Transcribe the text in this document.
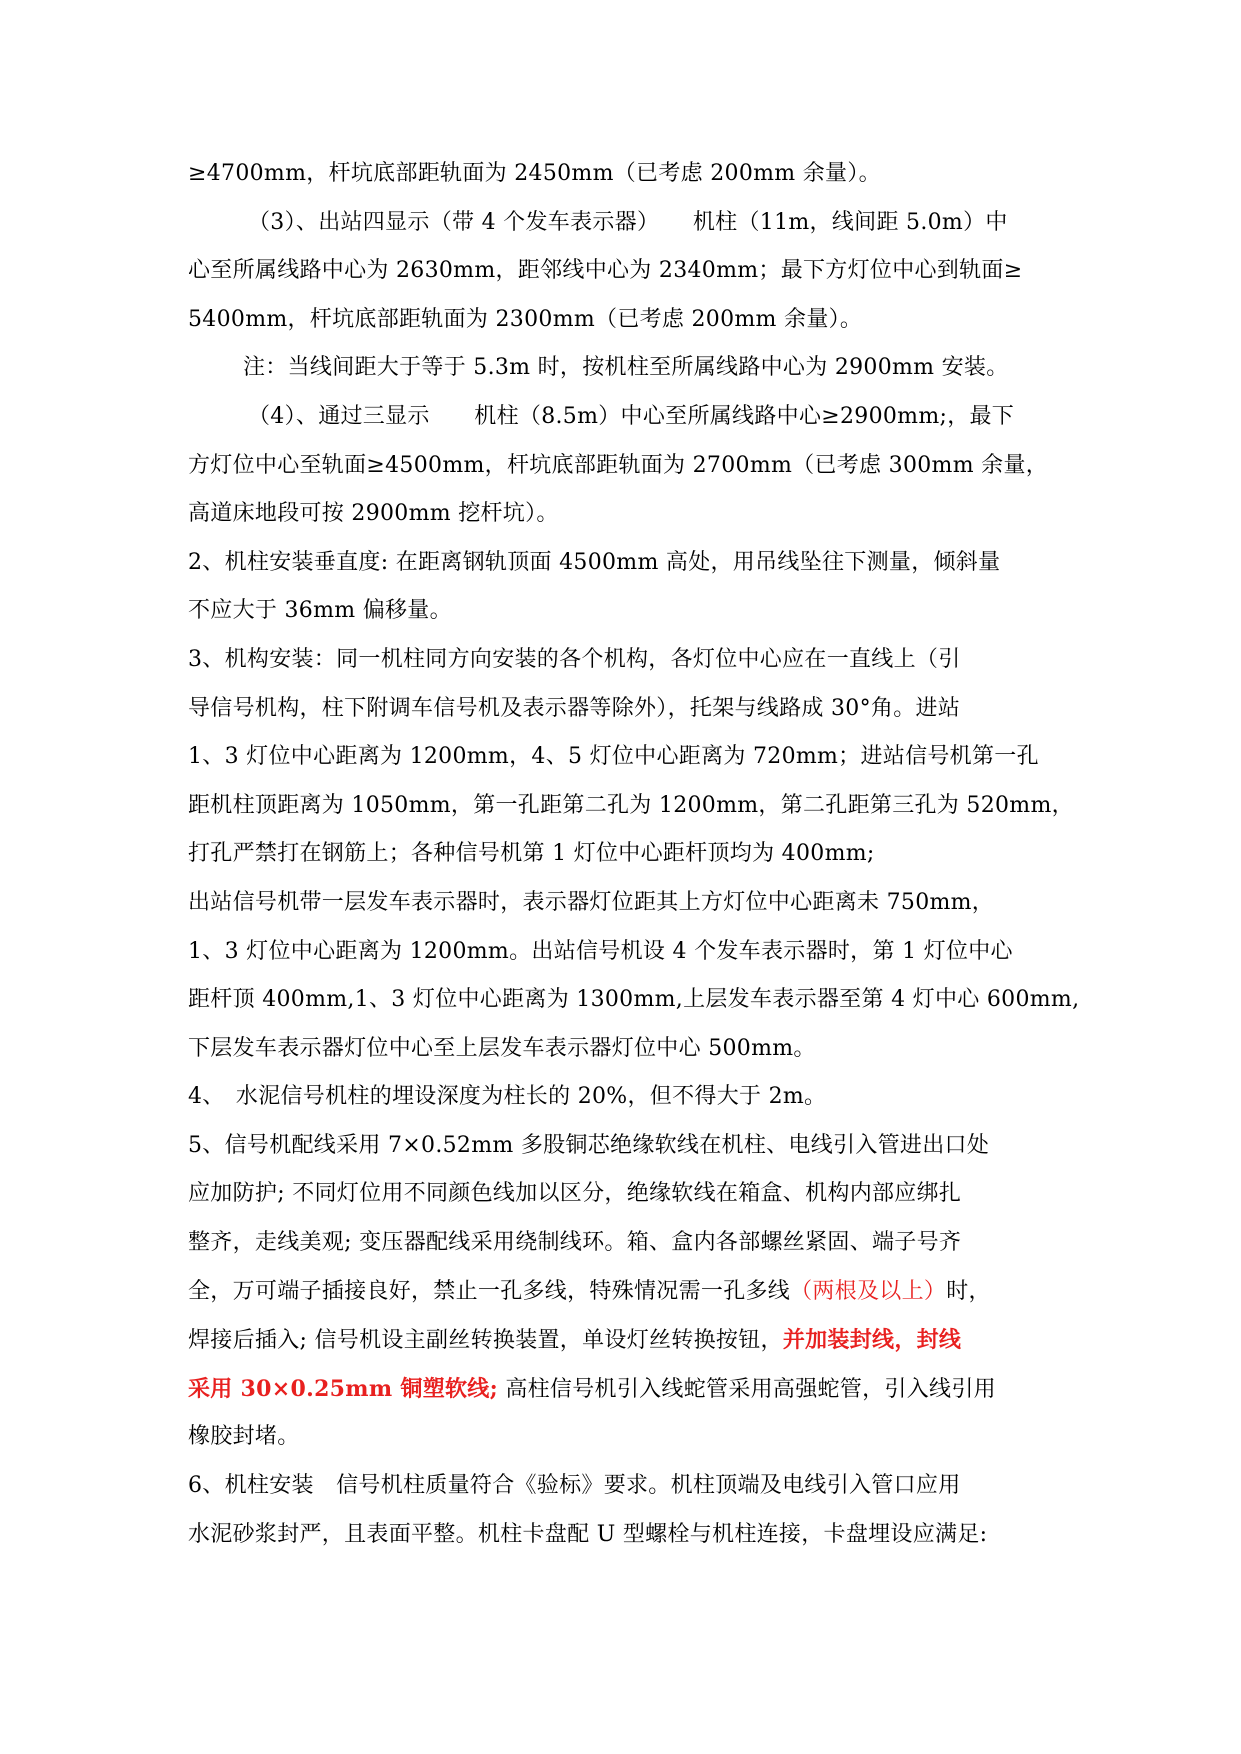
≥4700mm，杆坑底部距轨面为 2450mm（已考虑 200mm 余量）。
（3）、出站四显示（带 4 个发车表示器）　　机柱（11m，线间距 5.0m）中
心至所属线路中心为 2630mm，距邻线中心为 2340mm；最下方灯位中心到轨面≥
5400mm，杆坑底部距轨面为 2300mm（已考虑 200mm 余量）。
注：当线间距大于等于 5.3m 时，按机柱至所属线路中心为 2900mm 安装。
（4）、通过三显示　　机柱（8.5m）中心至所属线路中心≥2900mm;，最下
方灯位中心至轨面≥4500mm，杆坑底部距轨面为 2700mm（已考虑 300mm 余量，
高道床地段可按 2900mm 挖杆坑）。
2、机柱安装垂直度: 在距离钢轨顶面 4500mm 高处，用吊线坠往下测量，倾斜量
不应大于 36mm 偏移量。
3、机构安装：同一机柱同方向安装的各个机构，各灯位中心应在一直线上（引
导信号机构，柱下附调车信号机及表示器等除外），托架与线路成 30°角。进站
1、3 灯位中心距离为 1200mm，4、5 灯位中心距离为 720mm；进站信号机第一孔
距机柱顶距离为 1050mm，第一孔距第二孔为 1200mm，第二孔距第三孔为 520mm，
打孔严禁打在钢筋上；各种信号机第 1 灯位中心距杆顶均为 400mm;
出站信号机带一层发车表示器时，表示器灯位距其上方灯位中心距离未 750mm，
1、3 灯位中心距离为 1200mm。出站信号机设 4 个发车表示器时，第 1 灯位中心
距杆顶 400mm,1、3 灯位中心距离为 1300mm,上层发车表示器至第 4 灯中心 600mm,
下层发车表示器灯位中心至上层发车表示器灯位中心 500mm。
4、　水泥信号机柱的埋设深度为柱长的 20%，但不得大于 2m。
5、信号机配线采用 7×0.52mm 多股铜芯绝缘软线在机柱、电线引入管进出口处
应加防护; 不同灯位用不同颜色线加以区分，绝缘软线在箱盒、机构内部应绑扎
整齐，走线美观; 变压器配线采用绕制线环。箱、盒内各部螺丝紧固、端子号齐
全，万可端子插接良好，禁止一孔多线，特殊情况需一孔多线（两根及以上）时，
焊接后插入; 信号机设主副丝转换装置，单设灯丝转换按钮，并加装封线，封线
采用 30×0.25mm 铜塑软线; 高柱信号机引入线蛇管采用高强蛇管，引入线引用
橡胶封堵。
6、机柱安装　信号机柱质量符合《验标》要求。机柱顶端及电线引入管口应用
水泥砂浆封严，且表面平整。机柱卡盘配 U 型螺栓与机柱连接，卡盘埋设应满足:
